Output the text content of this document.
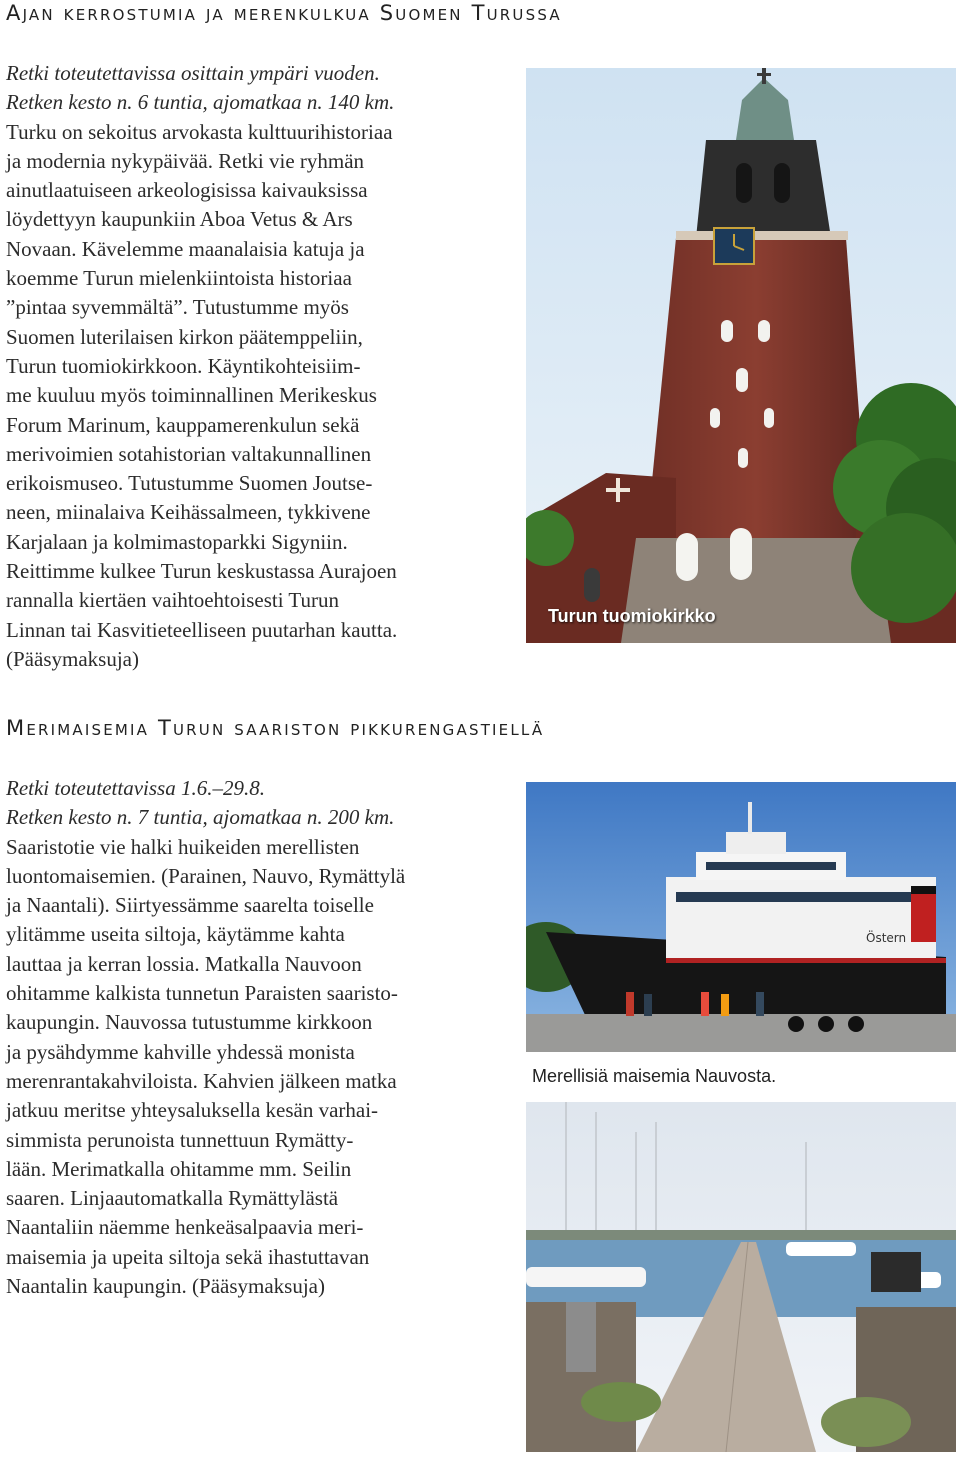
Ajan kerrostumia ja merenkulkua Suomen Turussa
Retki toteutettavissa osittain ympäri vuoden.
Retken kesto n. 6 tuntia, ajomatkaa n. 140 km.
Turku on sekoitus arvokasta kulttuurihistoriaa
ja modernia nykypäivää. Retki vie ryhmän
ainutlaatuiseen arkeologisissa kaivauksissa
löydettyyn kaupunkiin Aboa Vetus & Ars
Novaan. Kävelemme maanalaisia katuja ja
koemme Turun mielenkiintoista historiaa
”pintaa syvemmältä”. Tutustumme myös
Suomen luterilaisen kirkon päätemppeliin,
Turun tuomiokirkkoon. Käyntikohteisiim-
me kuuluu myös toiminnallinen Merikeskus
Forum Marinum, kauppamerenkulun sekä
merivoimien sotahistorian valtakunnallinen
erikoismuseo. Tutustumme Suomen Joutse-
neen, miinalaiva Keihässalmeen, tykkivene
Karjalaan ja kolmimastoparkki Sigyniin.
Reittimme kulkee Turun keskustassa Aurajoen
rannalla kiertäen vaihtoehtoisesti Turun
Linnan tai Kasvitieteelliseen puutarhan kautta.
(Pääsymaksuja)
Turun tuomiokirkko
Merimaisemia Turun saariston pikkurengastiellä
Retki toteutettavissa 1.6.–29.8.
Retken kesto n. 7 tuntia, ajomatkaa n. 200 km.
Saaristotie vie halki huikeiden merellisten
luontomaisemien. (Parainen, Nauvo, Rymättylä
ja Naantali). Siirtyessämme saarelta toiselle
ylitämme useita siltoja, käytämme kahta
lauttaa ja kerran lossia. Matkalla Nauvoon
ohitamme kalkista tunnetun Paraisten saaristo-
kaupungin. Nauvossa tutustumme kirkkoon
ja pysähdymme kahville yhdessä monista
merenrantakahviloista. Kahvien jälkeen matka
jatkuu meritse yhteysaluksella kesän varhai-
simmista perunoista tunnettuun Rymätty-
lään. Merimatkalla ohitamme mm. Seilin
saaren. Linjaautomatkalla Rymättylästä
Naantaliin näemme henkeäsalpaavia meri-
maisemia ja upeita siltoja sekä ihastuttavan
Naantalin kaupungin. (Pääsymaksuja)
Östern
Merellisiä maisemia Nauvosta.
